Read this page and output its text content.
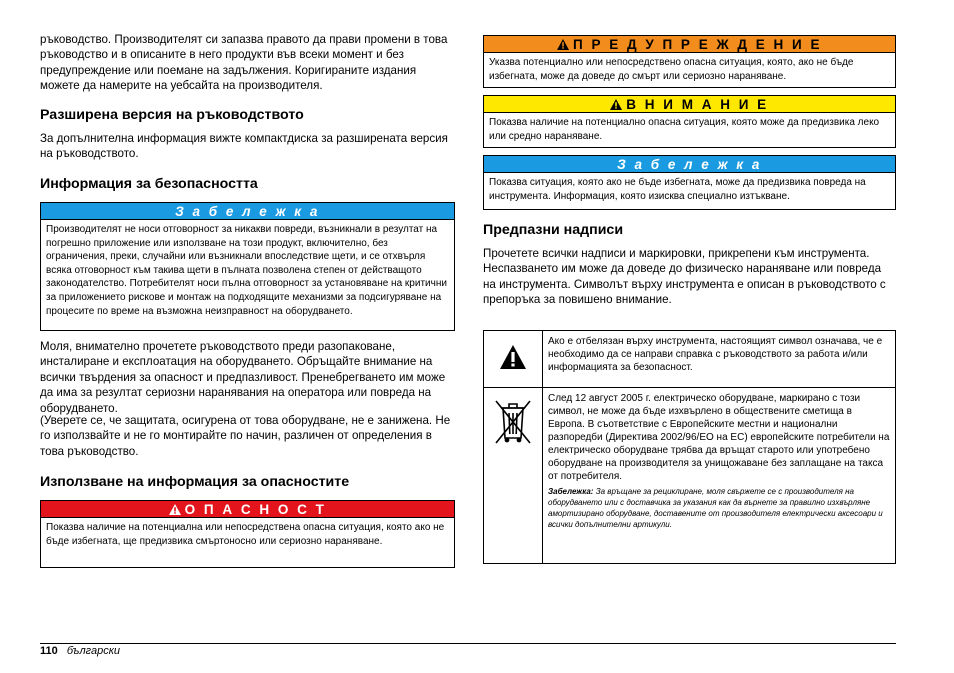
ръководство. Производителят си запазва правото да прави промени в това ръководство и в описаните в него продукти във всеки момент и без предупреждение или поемане на задължения. Коригираните издания можете да намерите на уебсайта на производителя.

Разширена версия на ръководството

За допълнителна информация вижте компактдиска за разширената версия на ръководството.

Информация за безопасността
З а б е л е ж к а
Производителят не носи отговорност за никакви повреди, възникнали в резултат на погрешно приложение или използване на този продукт, включително, без ограничения, преки, случайни или възникнали впоследствие щети, и се отхвърля всяка отговорност към такива щети в пълната позволена степен от действащото законодателство. Потребителят носи пълна отговорност за установяване на критични за приложението рискове и монтаж на подходящите механизми за подсигуряване на процесите по време на възможна неизправност на оборудването.

Моля, внимателно прочетете ръководството преди разопаковане, инсталиране и експлоатация на оборудването. Обръщайте внимание на всички твърдения за опасност и предпазливост. Пренебрегването им може да има за резултат сериозни наранявания на оператора или повреда на оборудването.

(Уверете се, че защитата, осигурена от това оборудване, не е занижена. Не го използвайте и не го монтирайте по начин, различен от определения в това ръководство.

Използване на информация за опасностите
О П А С Н О С Т
Показва наличие на потенциална или непосредствена опасна ситуация, която ако не бъде избегната, ще предизвика смъртоносно или сериозно нараняване.
П Р Е Д У П Р Е Ж Д Е Н И Е
Указва потенциално или непосредствено опасна ситуация, която, ако не бъде избегната, може да доведе до смърт или сериозно нараняване.
В Н И М А Н И Е
Показва наличие на потенциално опасна ситуация, която може да предизвика леко или средно нараняване.
З а б е л е ж к а
Показва ситуация, която ако не бъде избегната, може да предизвика повреда на инструмента. Информация, която изисква специално изтъкване.
Предпазни надписи

Прочетете всички надписи и маркировки, прикрепени към инструмента. Неспазването им може да доведе до физическо нараняване или повреда на инструмента. Символът върху инструмента е описан в ръководството с препоръка за повишено внимание.

Ако е отбелязан върху инструмента, настоящият символ означава, че е необходимо да се направи справка с ръководството за работа и/или информацията за безопасност.

След 12 август 2005 г. електрическо оборудване, маркирано с този символ, не може да бъде изхвърлено в обществените сметища в Европа. В съответствие с Европейските местни и национални разпоредби (Директива 2002/96/ЕО на ЕС) европейските потребители на електрическо оборудване трябва да връщат старото или употребено оборудване на производителя за унищожаване без заплащане на такса от потребителя.
Забележка: За връщане за рециклиране, моля свържете се с производителя на оборудването или с доставчика за указания как да върнете за правилно изхвърляне амортизирано оборудване, доставените от производителя електрически аксесоари и всички допълнителни артикули.
110 български
